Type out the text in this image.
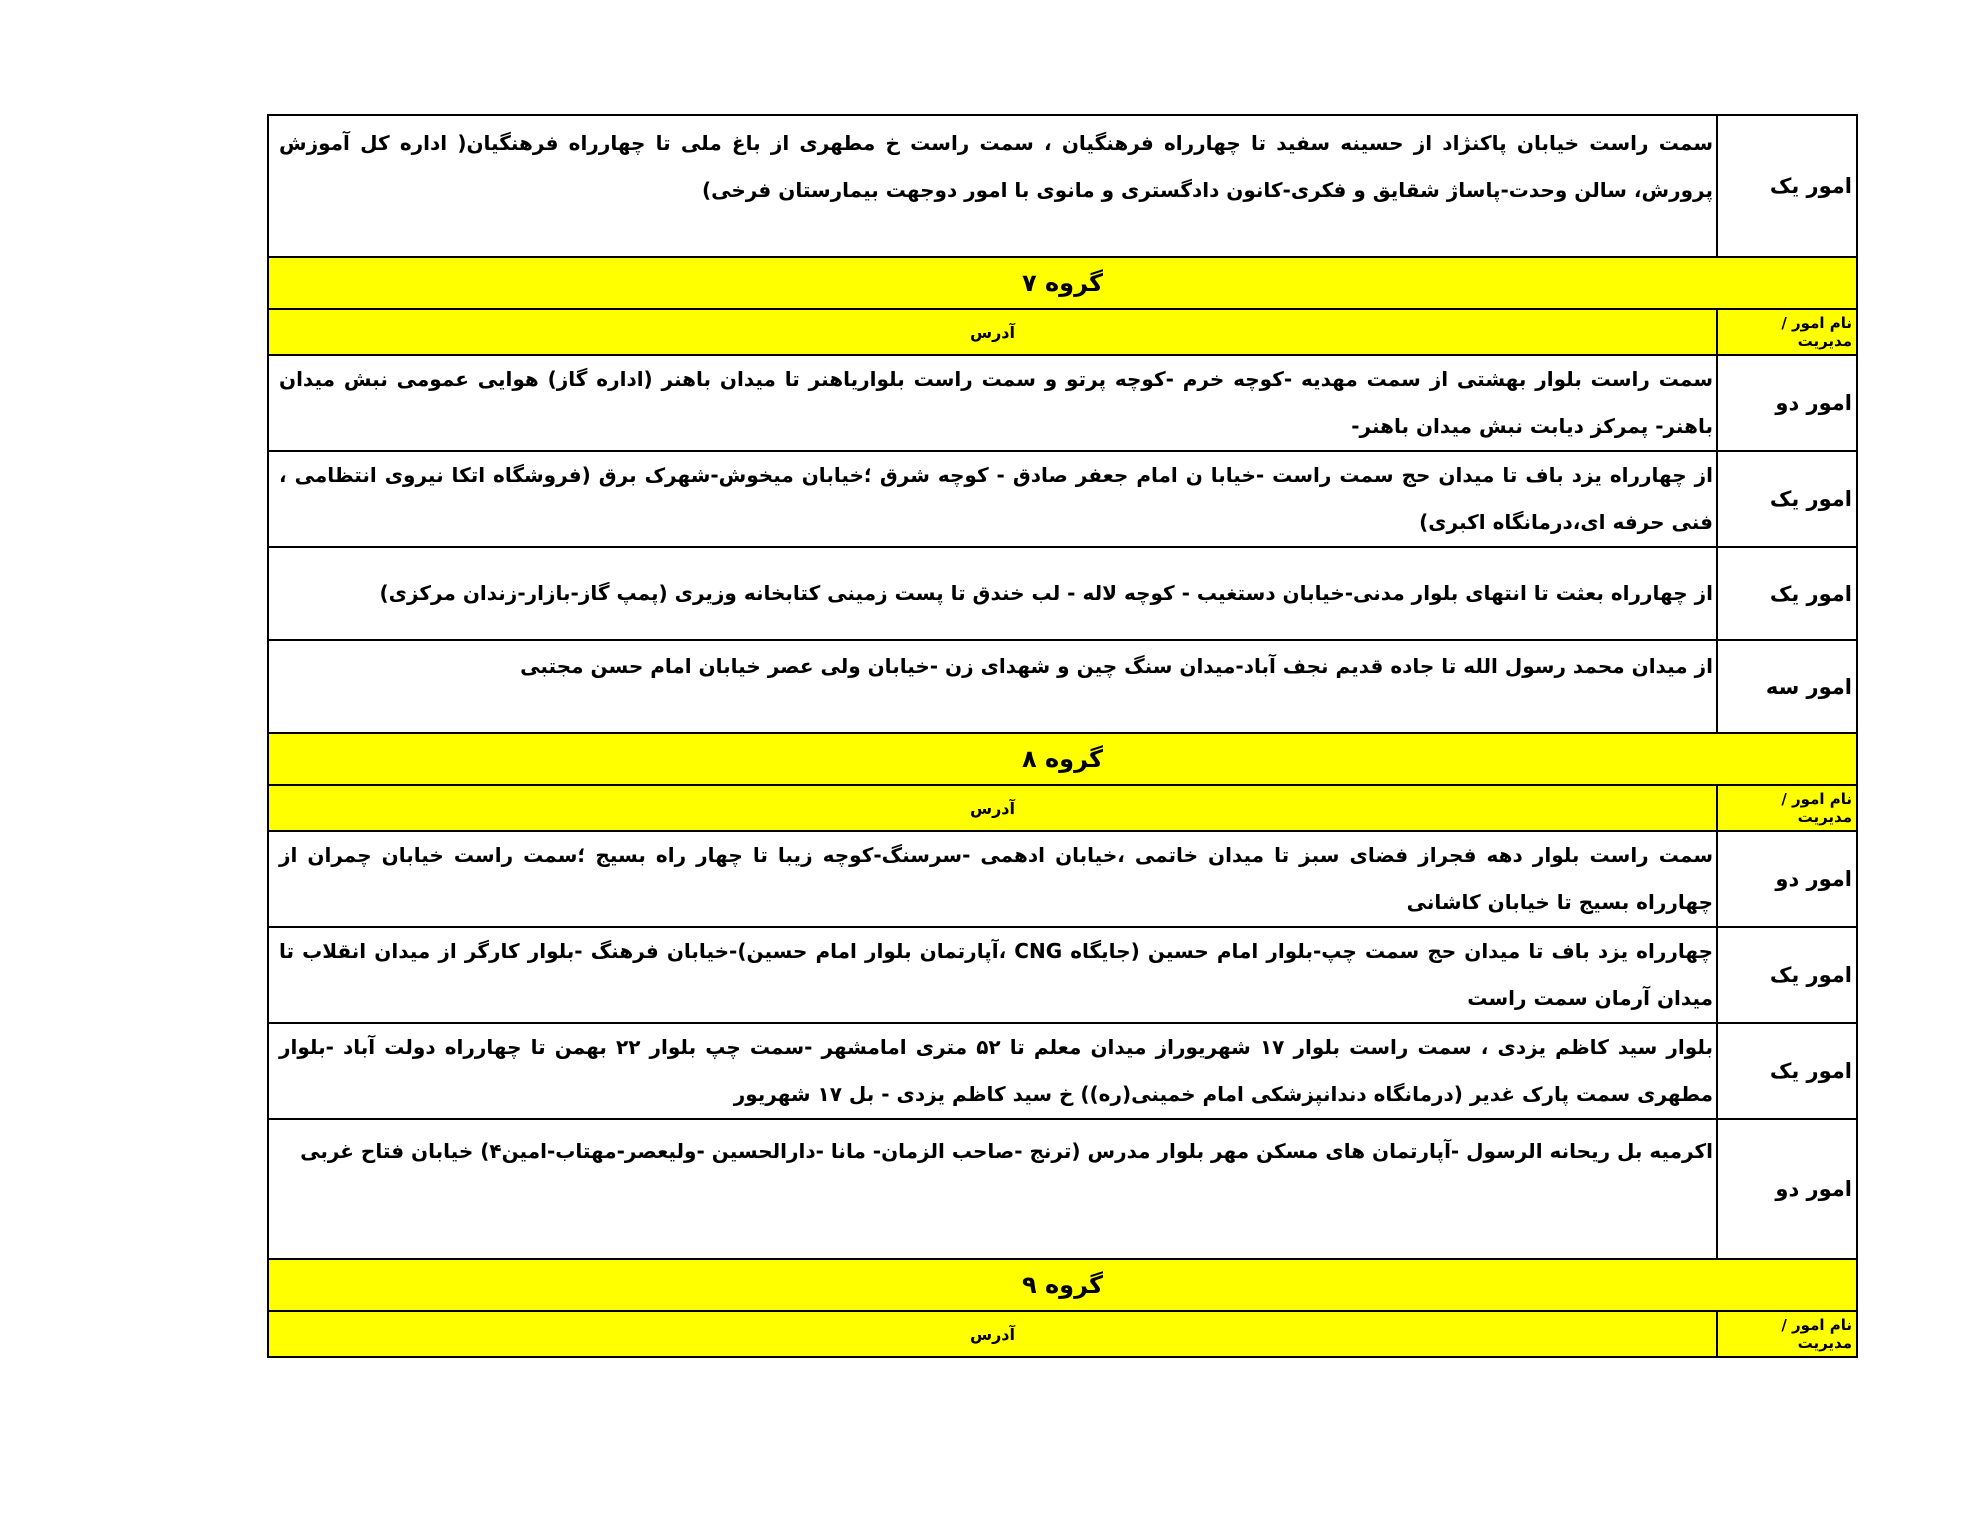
امور یک	سمت راست خیابان پاکنژاد از حسینه سفید تا چهارراه فرهنگیان ، سمت راست خ مطهری از باغ ملی تا چهارراه فرهنگیان( اداره کل آموزش پرورش، سالن وحدت-پاساژ شقایق و فکری-کانون دادگستری و مانوی با امور دوجهت بیمارستان فرخی)
گروه ۷	
نام امور /مدیریت	آدرس
امور دو	سمت راست بلوار بهشتی از سمت مهدیه -کوچه خرم -کوچه پرتو و سمت راست بلواریاهنر تا میدان باهنر (اداره گاز) هوایی عمومی نبش میدان باهنر- پمرکز دیابت نبش میدان باهنر-
امور یک	از چهارراه یزد باف تا میدان حج سمت راست -خیابا ن امام جعفر صادق - کوچه شرق ؛خیابان میخوش-شهرک برق (فروشگاه اتکا نیروی انتظامی ، فنی حرفه ای،درمانگاه اکبری)
امور یک	از چهارراه بعثت تا انتهای بلوار مدنی-خیابان دستغیب - کوچه لاله - لب خندق تا پست زمینی کتابخانه وزیری (پمپ گاز-بازار-زندان مرکزی)
امور سه	از میدان محمد رسول الله تا جاده قدیم نجف آباد-میدان سنگ چین و شهدای زن -خیابان ولی عصر خیابان امام حسن مجتبی
گروه ۸	
نام امور /مدیریت	آدرس
امور دو	سمت راست بلوار دهه فجراز فضای سبز تا میدان خاتمی ،خیابان ادهمی -سرسنگ-کوچه زیبا تا چهار راه بسیج ؛سمت راست خیابان چمران از چهارراه بسیج تا خیابان کاشانی
امور یک	چهارراه یزد باف تا میدان حج سمت چپ-بلوار امام حسین (جایگاه CNG ،آپارتمان بلوار امام حسین)-خیابان فرهنگ -بلوار کارگر از میدان انقلاب تا میدان آرمان سمت راست
امور یک	بلوار سید کاظم یزدی ، سمت راست بلوار ۱۷ شهریوراز میدان معلم تا ۵۲ متری امامشهر -سمت چپ بلوار ۲۲ بهمن تا چهارراه دولت آباد -بلوار مطهری سمت پارک غدیر (درمانگاه دندانپزشکی امام خمینی(ره)) خ سید کاظم یزدی - بل ۱۷ شهریور
امور دو	اکرمیه بل ریحانه الرسول -آپارتمان های مسکن مهر بلوار مدرس (ترنج -صاحب الزمان- مانا -دارالحسین -ولیعصر-مهتاب-امین۴) خیابان فتاح غربی
گروه ۹	
نام امور /مدیریت	آدرس
